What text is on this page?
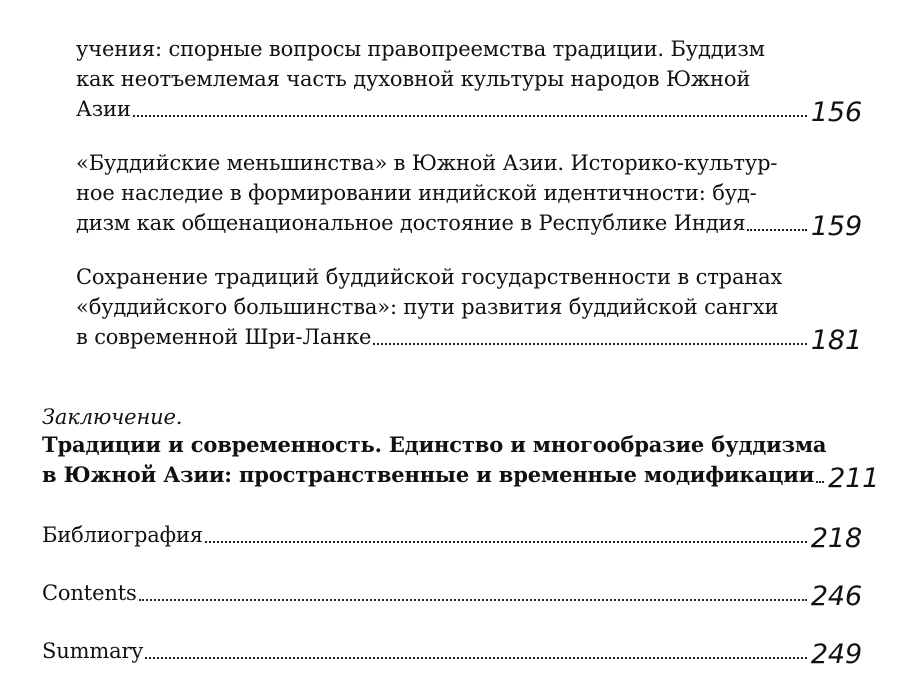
учения: спорные вопросы правопреемства традиции. Буддизм
как неотъемлемая часть духовной культуры народов Южной
Азии	156
«Буддийские меньшинства» в Южной Азии. Историко-культур-
ное наследие в формировании индийской идентичности: буд-
дизм как общенациональное достояние в Республике Индия 159
Сохранение традиций буддийской государственности в странах
«буддийского большинства»: пути развития буддийской сангхи
в современной Шри-Ланке	181
Заключение.
Традиции и современность. Единство и многообразие буддизма
в Южной Азии: пространственные и временные модификации 211
Библиография	218
Contents	246
Summary	249
